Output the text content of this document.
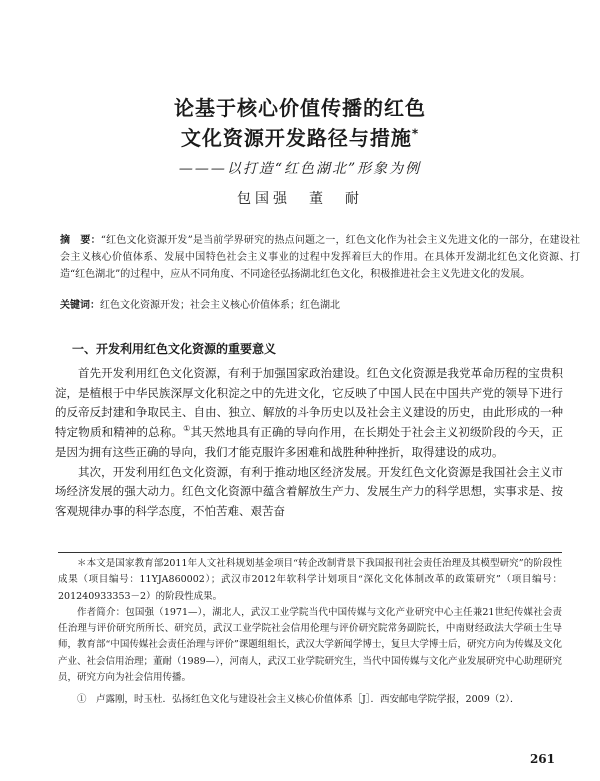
论基于核心价值传播的红色
文化资源开发路径与措施*
———以打造“红色湖北”形象为例
包国强　董　耐
摘　要：“红色文化资源开发”是当前学界研究的热点问题之一，红色文化作为社会主义先进文化的一部分，在建设社会主义核心价值体系、发展中国特色社会主义事业的过程中发挥着巨大的作用。在具体开发湖北红色文化资源、打造“红色湖北”的过程中，应从不同角度、不同途径弘扬湖北红色文化，积极推进社会主义先进文化的发展。
关键词：红色文化资源开发；社会主义核心价值体系；红色湖北
一、开发利用红色文化资源的重要意义

首先开发利用红色文化资源，有利于加强国家政治建设。红色文化资源是我党革命历程的宝贵积淀，是植根于中华民族深厚文化积淀之中的先进文化，它反映了中国人民在中国共产党的领导下进行的反帝反封建和争取民主、自由、独立、解放的斗争历史以及社会主义建设的历史，由此形成的一种特定物质和精神的总称。①其天然地具有正确的导向作用，在长期处于社会主义初级阶段的今天，正是因为拥有这些正确的导向，我们才能克服许多困难和战胜种种挫折，取得建设的成功。

其次，开发利用红色文化资源，有利于推动地区经济发展。开发红色文化资源是我国社会主义市场经济发展的强大动力。红色文化资源中蕴含着解放生产力、发展生产力的科学思想，实事求是、按客观规律办事的科学态度，不怕苦难、艰苦奋

＊本文是国家教育部2011年人文社科规划基金项目“转企改制背景下我国报刊社会责任治理及其模型研究”的阶段性成果（项目编号：11YJA860002）；武汉市2012年软科学计划项目“深化文化体制改革的政策研究”（项目编号：201240933353－2）的阶段性成果。

作者简介：包国强（1971—），湖北人，武汉工业学院当代中国传媒与文化产业研究中心主任兼21世纪传媒社会责任治理与评价研究所所长、研究员，武汉工业学院社会信用伦理与评价研究院常务副院长，中南财经政法大学硕士生导师，教育部“中国传媒社会责任治理与评价”课题组组长，武汉大学新闻学博士，复旦大学博士后，研究方向为传媒及文化产业、社会信用治理；董耐（1989—），河南人，武汉工业学院研究生，当代中国传媒与文化产业发展研究中心助理研究员，研究方向为社会信用传播。

①　卢露刚，时玉杜．弘扬红色文化与建设社会主义核心价值体系［J］．西安邮电学院学报，2009（2）．

261
